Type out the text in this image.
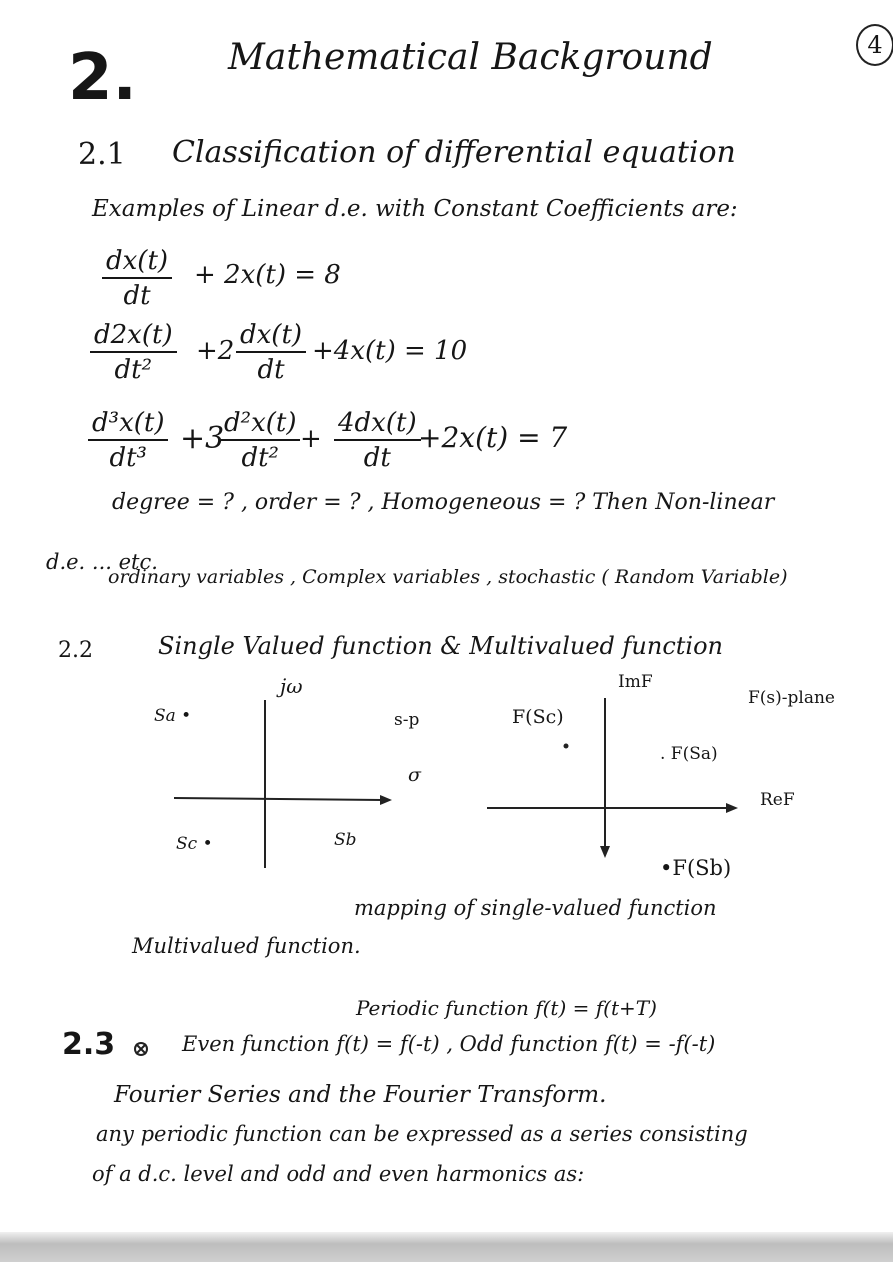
2.	Mathematical Background	4
2.1 Classification of differential equation
Examples of Linear d.e. with Constant Coefficients are:
$\frac{dx(t)}{dt} + 2x(t) = 8$
$\frac{d2x(t)}{\text{dt²}} +2 \frac{dx(t)}{dt} +4x(t) = 10$
$\frac{\text{d³x(t)}}{\text{dt³}} +3$
$\frac{\text{d²x(t)}}{\text{dt²}} + \frac{4dx(t)}{dt}$
+2x(t) = 7
degree = ? , order = ? , Homogeneous = ? Then Non-linear
d.e. ... etc.
ordinary variables , Complex variables , stochastic ( Random Variable)
2.2	Single Valued function & Multivalued function
jω
Sa •	s-p
σ
Sc •	Sb
ImF
F(s)-plane
F(Sc)
. F(Sa)
ReF
•F(Sb)
mapping of single-valued function
Multivalued function.
Periodic function f(t) = f(t+T)
2.3	Even function f(t) = f(-t) , Odd function f(t) = -f(-t)
Fourier Series and the Fourier Transform.
any periodic function can be expressed as a series consisting
of a d.c. level and odd and even harmonics as:
